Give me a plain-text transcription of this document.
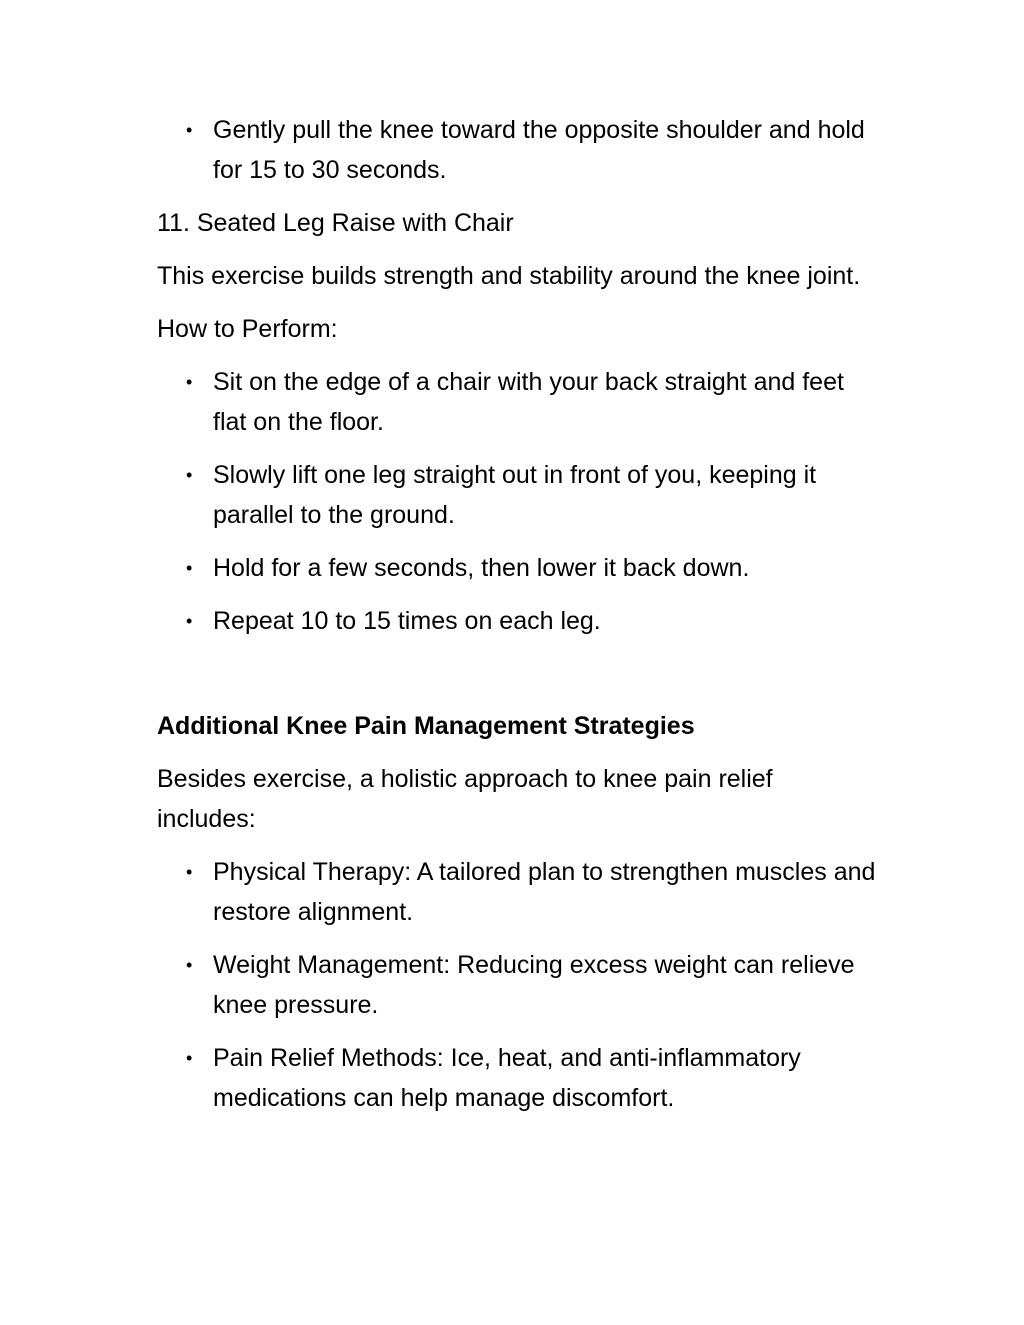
•
Gently pull the knee toward the opposite shoulder and hold for 15 to 30 seconds.

11. Seated Leg Raise with Chair

This exercise builds strength and stability around the knee joint.

How to Perform:

•
Sit on the edge of a chair with your back straight and feet flat on the floor.
•
Slowly lift one leg straight out in front of you, keeping it parallel to the ground.
•
Hold for a few seconds, then lower it back down.
•
Repeat 10 to 15 times on each leg.

Additional Knee Pain Management Strategies

Besides exercise, a holistic approach to knee pain relief includes:

•
Physical Therapy: A tailored plan to strengthen muscles and restore alignment.
•
Weight Management: Reducing excess weight can relieve knee pressure.
•
Pain Relief Methods: Ice, heat, and anti-inflammatory medications can help manage discomfort.
